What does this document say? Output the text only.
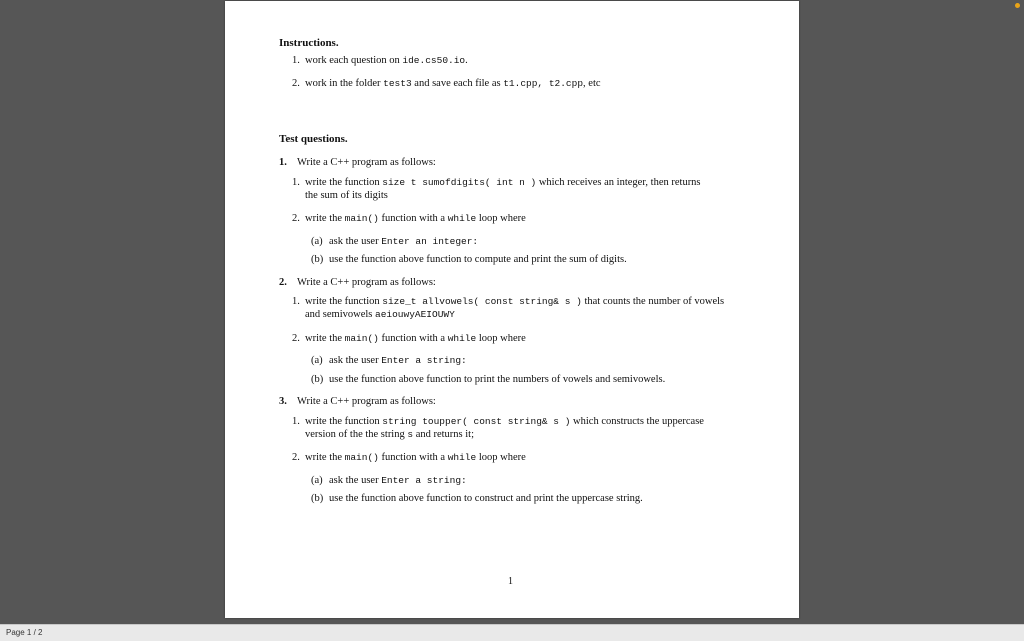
Instructions.
1. work each question on ide.cs50.io.
2. work in the folder test3 and save each file as t1.cpp, t2.cpp, etc
Test questions.
1. Write a C++ program as follows:
1. write the function size t sumofdigits( int n ) which receives an integer, then returns
the sum of its digits
2. write the main() function with a while loop where
(a) ask the user Enter an integer:
(b) use the function above function to compute and print the sum of digits.
2. Write a C++ program as follows:
1. write the function size_t allvowels( const string& s ) that counts the number of vowels
and semivowels aeiouwyAEIOUWY
2. write the main() function with a while loop where
(a) ask the user Enter a string:
(b) use the function above function to print the numbers of vowels and semivowels.
3. Write a C++ program as follows:
1. write the function string toupper( const string& s ) which constructs the uppercase
version of the the string s and returns it;
2. write the main() function with a while loop where
(a) ask the user Enter a string:
(b) use the function above function to construct and print the uppercase string.
1
Page 1 / 2
